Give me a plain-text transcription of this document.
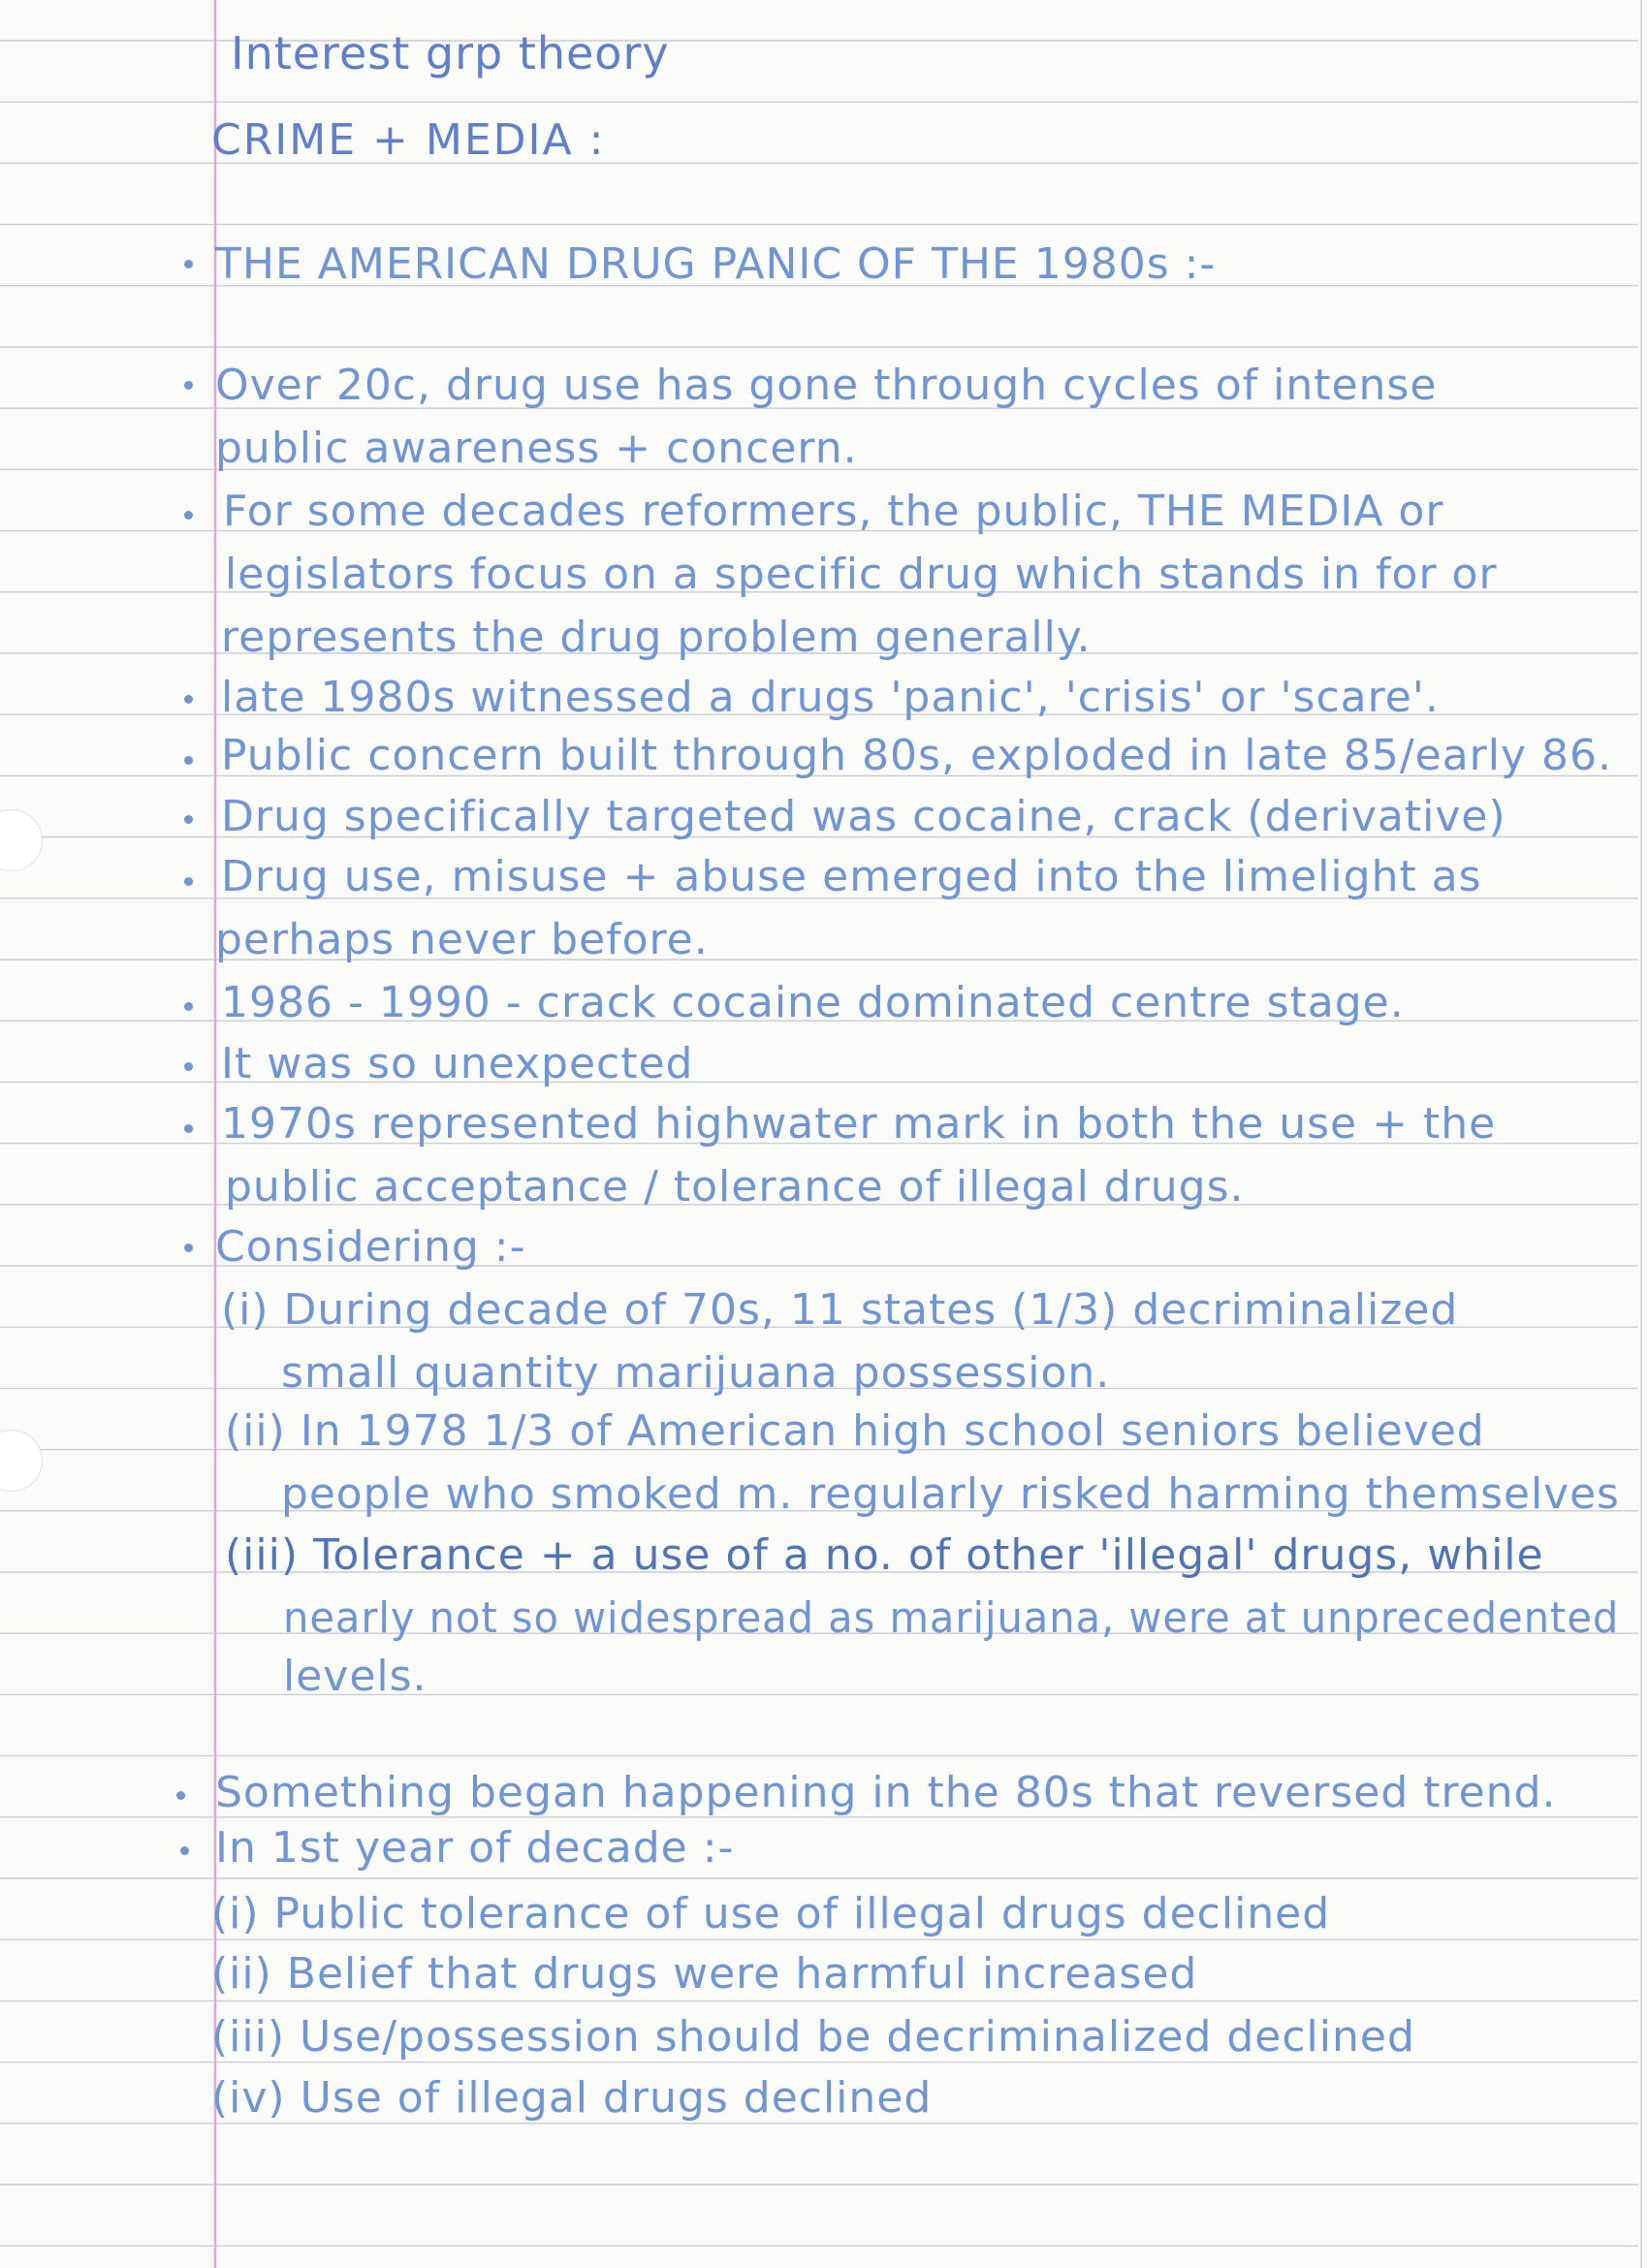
Interest grp theory
CRIME + MEDIA :
THE AMERICAN DRUG PANIC OF THE 1980s :-
Over 20c, drug use has gone through cycles of intense
public awareness + concern.
For some decades reformers, the public, THE MEDIA or
legislators focus on a specific drug which stands in for or
represents the drug problem generally.
late 1980s witnessed a drugs 'panic', 'crisis' or 'scare'.
Public concern built through 80s, exploded in late 85/early 86.
Drug specifically targeted was cocaine, crack (derivative)
Drug use, misuse + abuse emerged into the limelight as
perhaps never before.
1986 - 1990 - crack cocaine dominated centre stage.
It was so unexpected
1970s represented highwater mark in both the use + the
public acceptance / tolerance of illegal drugs.
Considering :-
(i) During decade of 70s, 11 states (1/3) decriminalized
small quantity marijuana possession.
(ii) In 1978 1/3 of American high school seniors believed
people who smoked m. regularly risked harming themselves
(iii) Tolerance + a use of a no. of other 'illegal' drugs, while
nearly not so widespread as marijuana, were at unprecedented
levels.
Something began happening in the 80s that reversed trend.
In 1st year of decade :-
(i) Public tolerance of use of illegal drugs declined
(ii) Belief that drugs were harmful increased
(iii) Use/possession should be decriminalized declined
(iv) Use of illegal drugs declined
